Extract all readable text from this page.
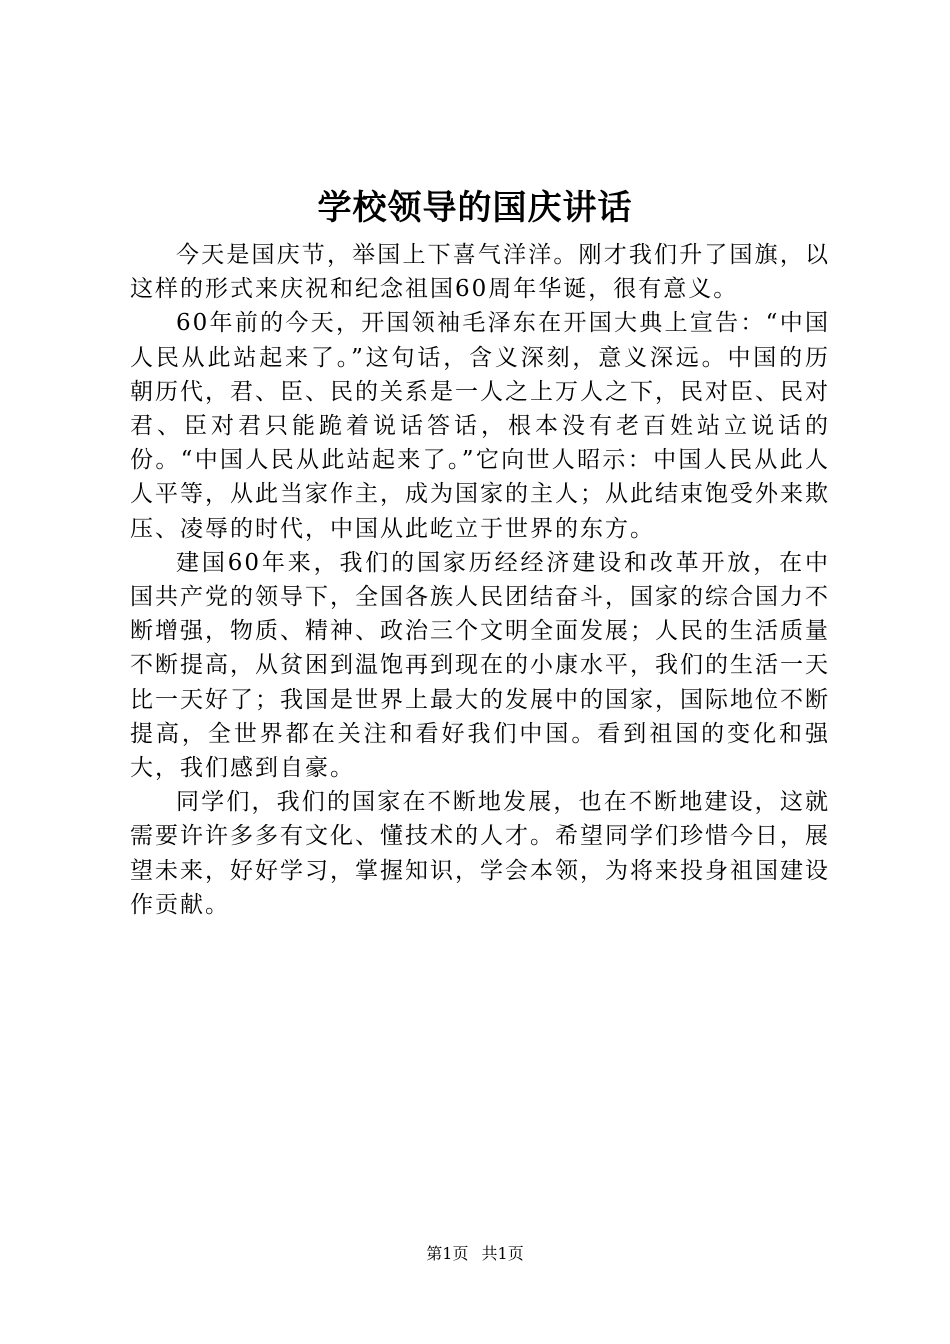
学校领导的国庆讲话

今天是国庆节，举国上下喜气洋洋。刚才我们升了国旗，以这样的形式来庆祝和纪念祖国60周年华诞，很有意义。

60年前的今天，开国领袖毛泽东在开国大典上宣告：“中国人民从此站起来了。”这句话，含义深刻，意义深远。中国的历朝历代，君、臣、民的关系是一人之上万人之下，民对臣、民对君、臣对君只能跪着说话答话，根本没有老百姓站立说话的份。“中国人民从此站起来了。”它向世人昭示：中国人民从此人人平等，从此当家作主，成为国家的主人；从此结束饱受外来欺压、凌辱的时代，中国从此屹立于世界的东方。

建国60年来，我们的国家历经经济建设和改革开放，在中国共产党的领导下，全国各族人民团结奋斗，国家的综合国力不断增强，物质、精神、政治三个文明全面发展；人民的生活质量不断提高，从贫困到温饱再到现在的小康水平，我们的生活一天比一天好了；我国是世界上最大的发展中的国家，国际地位不断提高，全世界都在关注和看好我们中国。看到祖国的变化和强大，我们感到自豪。

同学们，我们的国家在不断地发展，也在不断地建设，这就需要许许多多有文化、懂技术的人才。希望同学们珍惜今日，展望未来，好好学习，掌握知识，学会本领，为将来投身祖国建设作贡献。

第1页 共1页
